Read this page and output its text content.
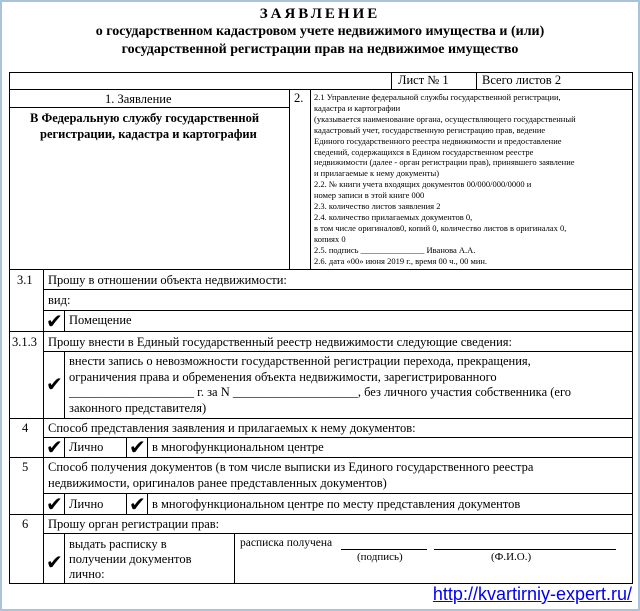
ЗАЯВЛЕНИЕ
о государственном кадастровом учете недвижимого имущества и (или)
государственной регистрации прав на недвижимое имущество
Лист № 1	Всего листов 2
1. Заявление
В Федеральную службу государственной
регистрации, кадастра и картографии
2. 2.1 Управление федеральной службы государственной регистрации,
кадастра и картографии
(указывается наименование органа, осуществляющего государственный
кадастровый учет, государственную регистрацию прав, ведение
Единого государственного реестра недвижимости и предоставление
сведений, содержащихся в Едином государственном реестре
недвижимости (далее - орган регистрации прав), принявшего заявление
и прилагаемые к нему документы)
2.2. № книги учета входящих документов 00/000/000/0000 и
номер записи в этой книге 000
2.3. количество листов заявления 2
2.4. количество прилагаемых документов 0,
в том числе оригиналов0, копий 0, количество листов в оригиналах 0,
копиях 0
2.5. подпись _______________ Иванова А.А.
2.6. дата «00» июня 2019 г., время 00 ч., 00 мин.
3.1 Прошу в отношении объекта недвижимости:
вид:
✔ Помещение
3.1.3 Прошу внести в Единый государственный реестр недвижимости следующие сведения:
✔
внести запись о невозможности государственной регистрации перехода, прекращения,
ограничения права и обременения объекта недвижимости, зарегистрированного
____________________ г. за N ____________________, без личного участия собственника (его
законного представителя)
4 Способ представления заявления и прилагаемых к нему документов:
✔ Лично ✔ в многофункциональном центре
5 Способ получения документов (в том числе выписки из Единого государственного реестра
недвижимости, оригиналов ранее представленных документов)
✔ Лично ✔ в многофункциональном центре по месту представления документов
6 Прошу орган регистрации прав:
✔
выдать расписку в
получении документов
лично:
расписка получена
(подпись)	(Ф.И.О.)
http://kvartirniy-expert.ru/
